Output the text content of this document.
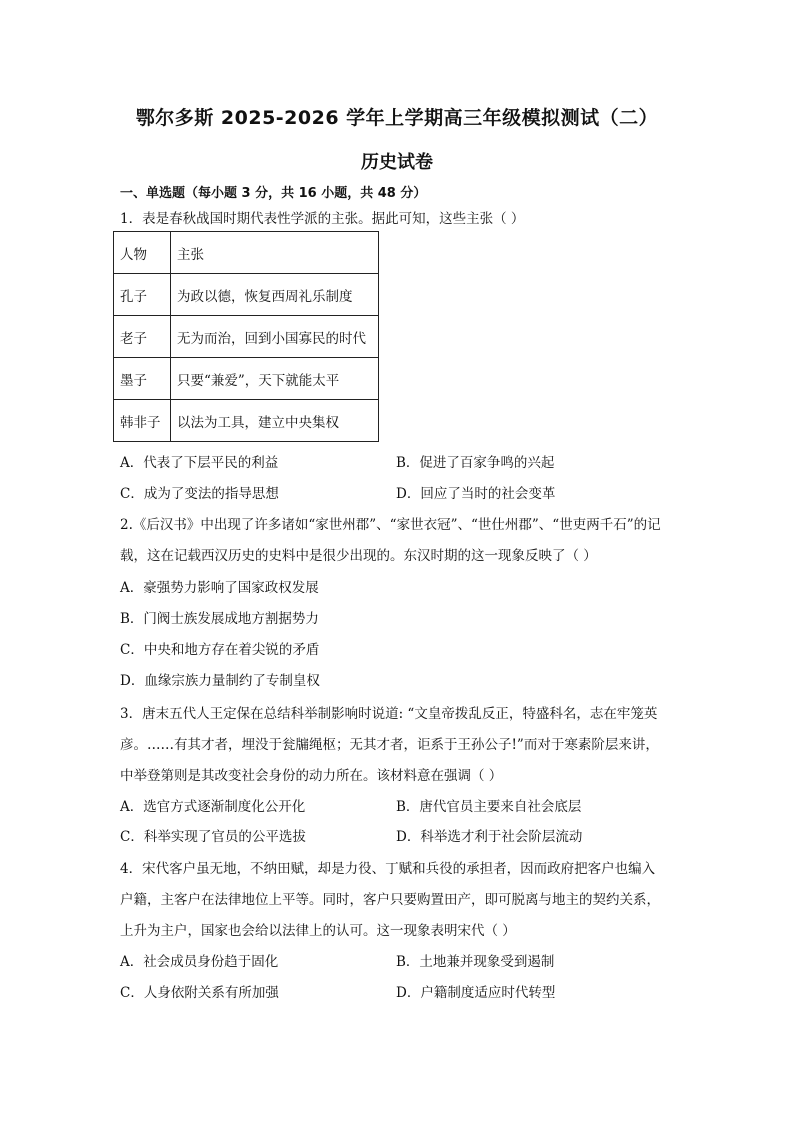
鄂尔多斯 2025-2026 学年上学期高三年级模拟测试（二）
历史试卷
一、单选题（每小题 3 分，共 16 小题，共 48 分）
1．表是春秋战国时期代表性学派的主张。据此可知，这些主张（ ）
人物	主张
孔子	为政以德，恢复西周礼乐制度
老子	无为而治，回到小国寡民的时代
墨子	只要“兼爱”，天下就能太平
韩非子	以法为工具，建立中央集权
A．代表了下层平民的利益	B．促进了百家争鸣的兴起
C．成为了变法的指导思想	D．回应了当时的社会变革
2.《后汉书》中出现了许多诸如“家世州郡”、“家世衣冠”、“世仕州郡”、“世吏两千石”的记
载，这在记载西汉历史的史料中是很少出现的。东汉时期的这一现象反映了（ ）
A．豪强势力影响了国家政权发展
B．门阀士族发展成地方割据势力
C．中央和地方存在着尖锐的矛盾
D．血缘宗族力量制约了专制皇权
3．唐末五代人王定保在总结科举制影响时说道: “文皇帝拨乱反正，特盛科名，志在牢笼英
彦。……有其才者，埋没于瓮牖绳枢；无其才者，讵系于王孙公子!”而对于寒素阶层来讲，
中举登第则是其改变社会身份的动力所在。该材料意在强调（ ）
A．选官方式逐渐制度化公开化	B．唐代官员主要来自社会底层
C．科举实现了官员的公平选拔	D．科举选才利于社会阶层流动
4．宋代客户虽无地，不纳田赋，却是力役、丁赋和兵役的承担者，因而政府把客户也编入
户籍，主客户在法律地位上平等。同时，客户只要购置田产，即可脱离与地主的契约关系，
上升为主户，国家也会给以法律上的认可。这一现象表明宋代（ ）
A．社会成员身份趋于固化	B．土地兼并现象受到遏制
C．人身依附关系有所加强	D．户籍制度适应时代转型
